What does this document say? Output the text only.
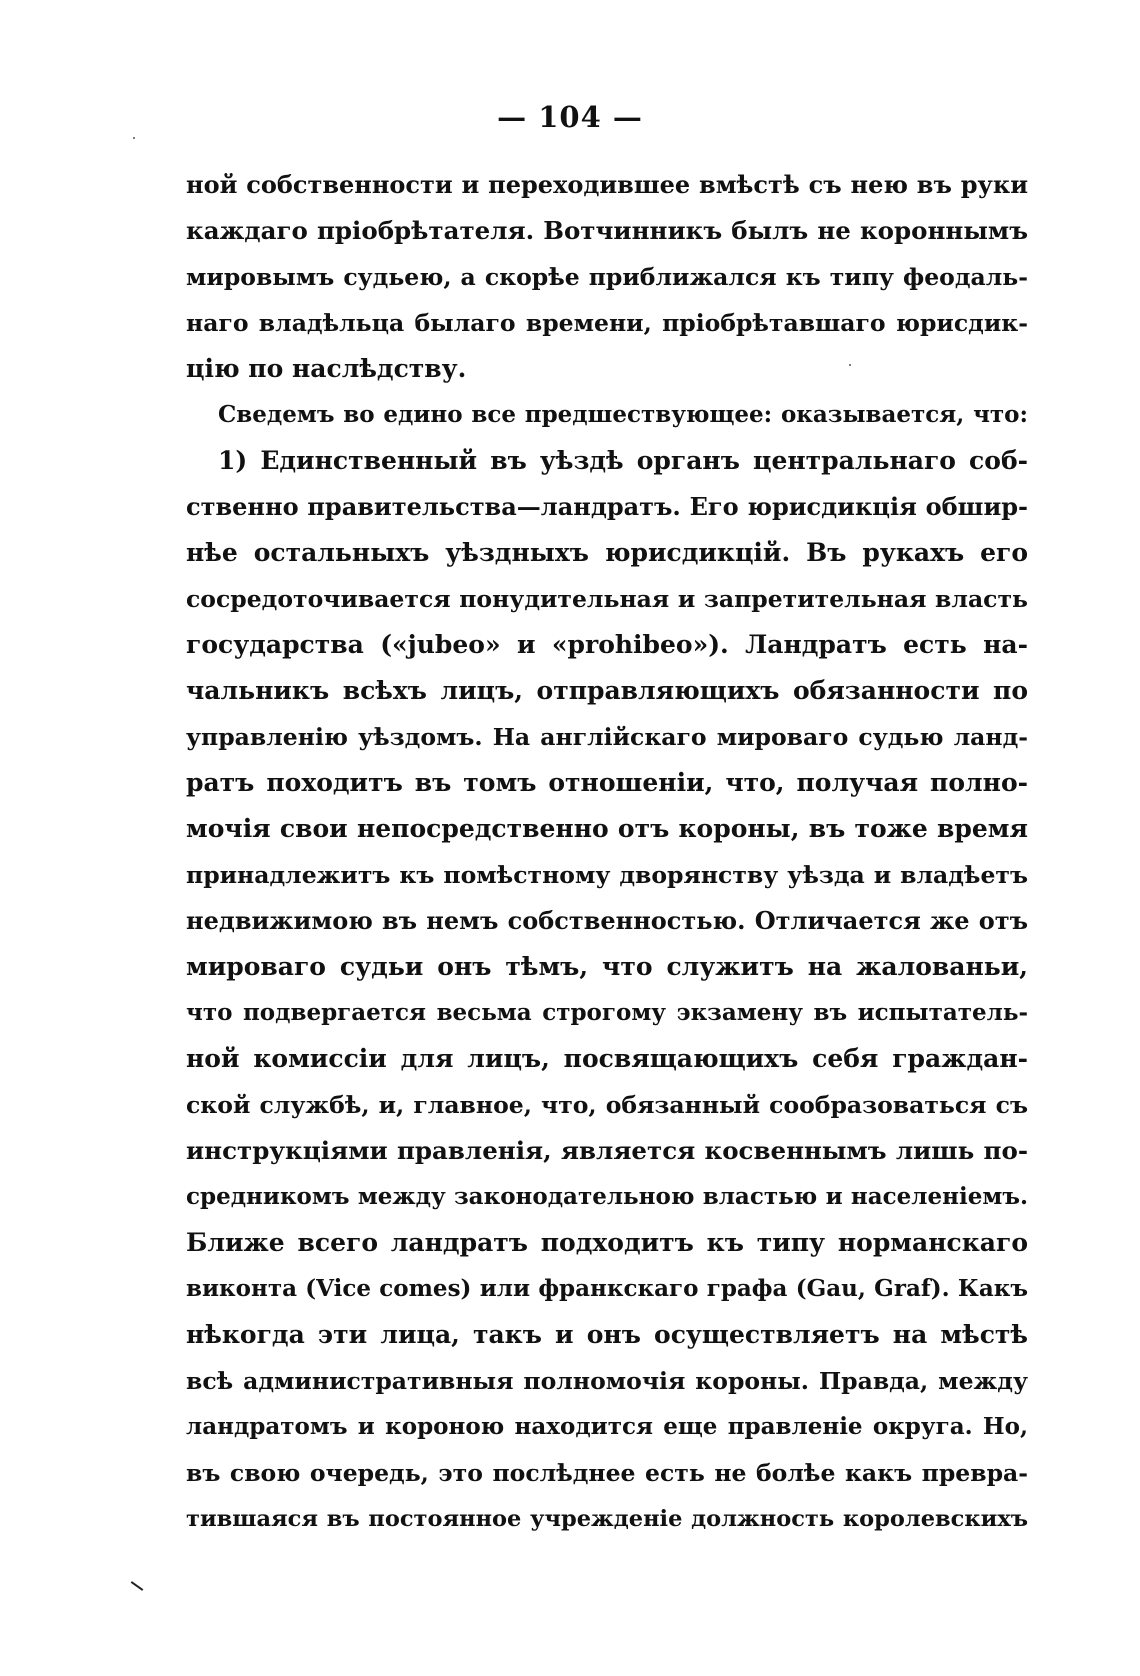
— 104 —
ной собственности и переходившее вмѣстѣ съ нею въ руки
каждаго пріобрѣтателя. Вотчинникъ былъ не короннымъ
мировымъ судьею, а скорѣе приближался къ типу феодаль-
наго владѣльца былаго времени, пріобрѣтавшаго юрисдик-
цію по наслѣдству.
Сведемъ во едино все предшествующее: оказывается, что:
1) Единственный въ уѣздѣ органъ центральнаго соб-
ственно правительства—ландратъ. Его юрисдикція обшир-
нѣе остальныхъ уѣздныхъ юрисдикцій. Въ рукахъ его
сосредоточивается понудительная и запретительная власть
государства («jubeo» и «prohibeo»). Ландратъ есть на-
чальникъ всѣхъ лицъ, отправляющихъ обязанности по
управленію уѣздомъ. На англійскаго мироваго судью ланд-
ратъ походитъ въ томъ отношеніи, что, получая полно-
мочія свои непосредственно отъ короны, въ тоже время
принадлежитъ къ помѣстному дворянству уѣзда и владѣетъ
недвижимою въ немъ собственностью. Отличается же отъ
мироваго судьи онъ тѣмъ, что служитъ на жалованьи,
что подвергается весьма строгому экзамену въ испытатель-
ной комиссіи для лицъ, посвящающихъ себя граждан-
ской службѣ, и, главное, что, обязанный сообразоваться съ
инструкціями правленія, является косвеннымъ лишь по-
средникомъ между законодательною властью и населеніемъ.
Ближе всего ландратъ подходитъ къ типу норманскаго
виконта (Vice comes) или франкскаго графа (Gau, Graf). Какъ
нѣкогда эти лица, такъ и онъ осуществляетъ на мѣстѣ
всѣ административныя полномочія короны. Правда, между
ландратомъ и короною находится еще правленіе округа. Но,
въ свою очередь, это послѣднее есть не болѣе какъ превра-
тившаяся въ постоянное учрежденіе должность королевскихъ
